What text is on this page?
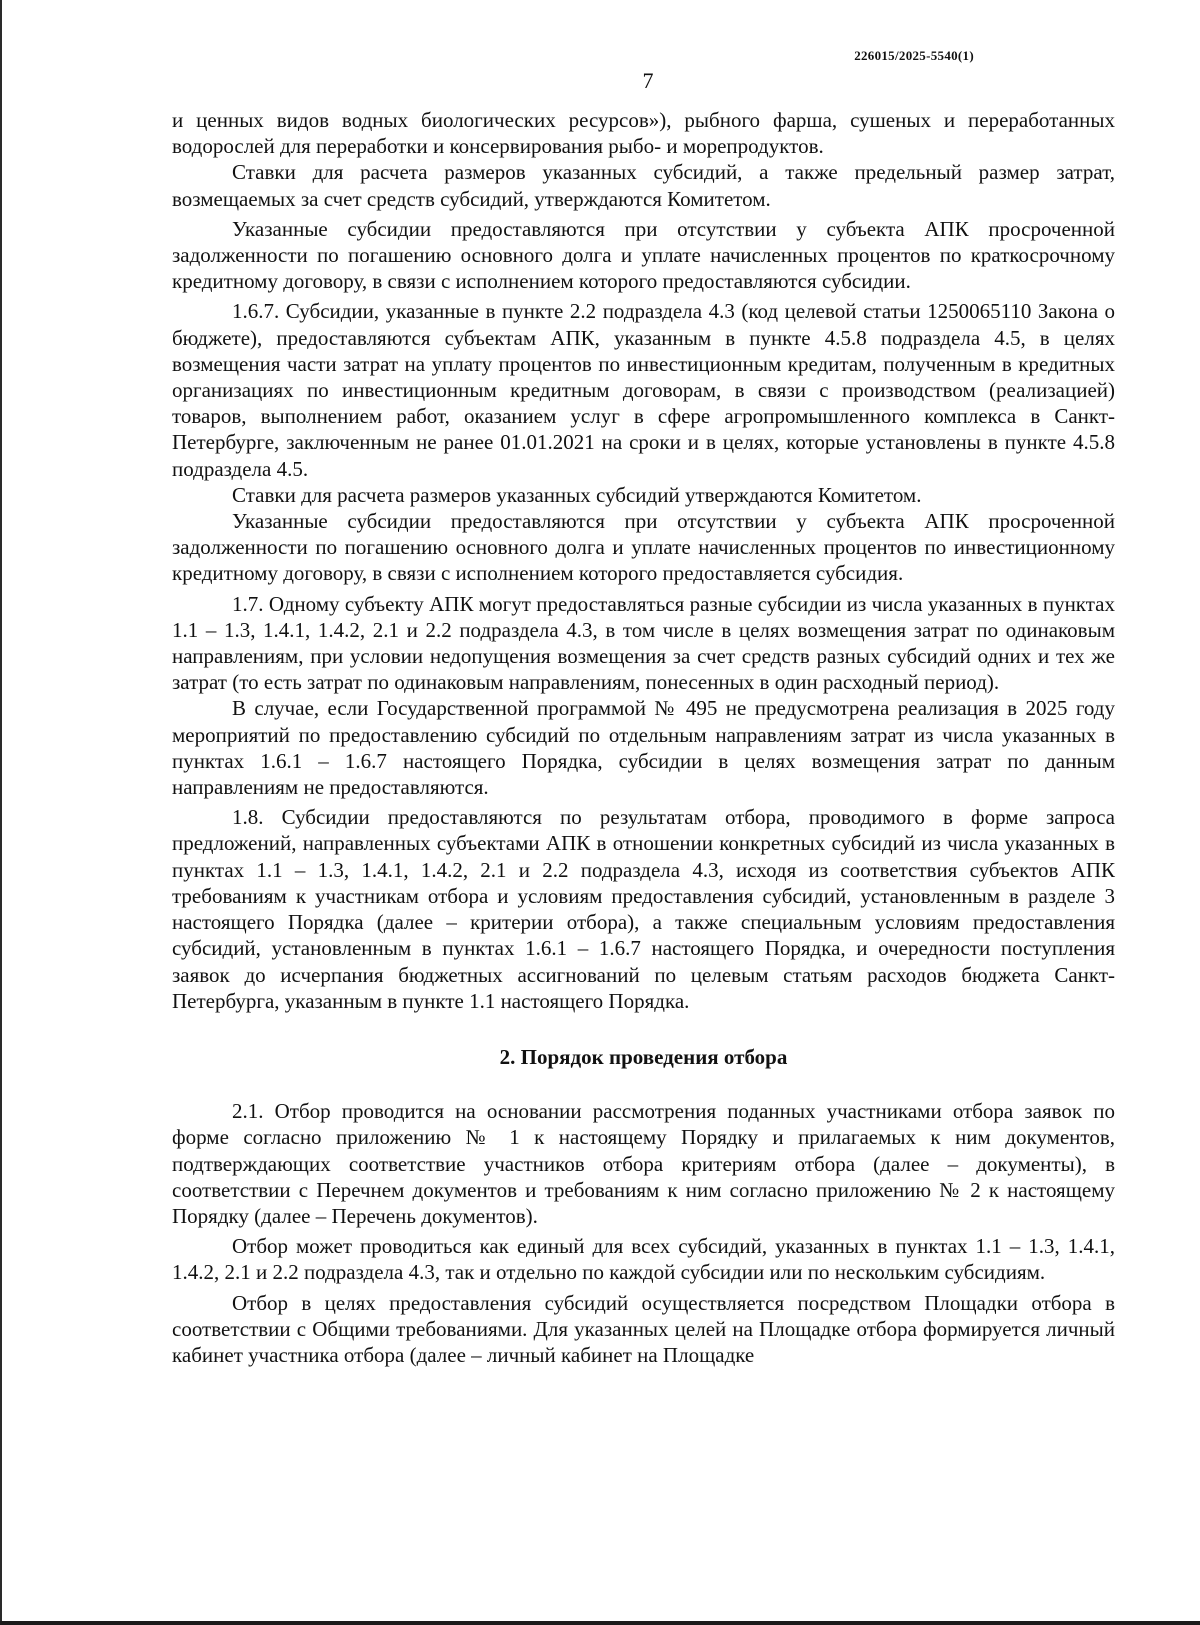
226015/2025-5540(1)
7

и ценных видов водных биологических ресурсов»), рыбного фарша, сушеных и переработанных водорослей для переработки и консервирования рыбо- и морепродуктов.

Ставки для расчета размеров указанных субсидий, а также предельный размер затрат, возмещаемых за счет средств субсидий, утверждаются Комитетом.

Указанные субсидии предоставляются при отсутствии у субъекта АПК просроченной задолженности по погашению основного долга и уплате начисленных процентов по краткосрочному кредитному договору, в связи с исполнением которого предоставляются субсидии.

1.6.7. Субсидии, указанные в пункте 2.2 подраздела 4.3 (код целевой статьи 1250065110 Закона о бюджете), предоставляются субъектам АПК, указанным в пункте 4.5.8 подраздела 4.5, в целях возмещения части затрат на уплату процентов по инвестиционным кредитам, полученным в кредитных организациях по инвестиционным кредитным договорам, в связи с производством (реализацией) товаров, выполнением работ, оказанием услуг в сфере агропромышленного комплекса в Санкт-Петербурге, заключенным не ранее 01.01.2021 на сроки и в целях, которые установлены в пункте 4.5.8 подраздела 4.5.

Ставки для расчета размеров указанных субсидий утверждаются Комитетом.

Указанные субсидии предоставляются при отсутствии у субъекта АПК просроченной задолженности по погашению основного долга и уплате начисленных процентов по инвестиционному кредитному договору, в связи с исполнением которого предоставляется субсидия.

1.7. Одному субъекту АПК могут предоставляться разные субсидии из числа указанных в пунктах 1.1 – 1.3, 1.4.1, 1.4.2, 2.1 и 2.2 подраздела 4.3, в том числе в целях возмещения затрат по одинаковым направлениям, при условии недопущения возмещения за счет средств разных субсидий одних и тех же затрат (то есть затрат по одинаковым направлениям, понесенных в один расходный период).

В случае, если Государственной программой № 495 не предусмотрена реализация в 2025 году мероприятий по предоставлению субсидий по отдельным направлениям затрат из числа указанных в пунктах 1.6.1 – 1.6.7 настоящего Порядка, субсидии в целях возмещения затрат по данным направлениям не предоставляются.

1.8. Субсидии предоставляются по результатам отбора, проводимого в форме запроса предложений, направленных субъектами АПК в отношении конкретных субсидий из числа указанных в пунктах 1.1 – 1.3, 1.4.1, 1.4.2, 2.1 и 2.2 подраздела 4.3, исходя из соответствия субъектов АПК требованиям к участникам отбора и условиям предоставления субсидий, установленным в разделе 3 настоящего Порядка (далее – критерии отбора), а также специальным условиям предоставления субсидий, установленным в пунктах 1.6.1 – 1.6.7 настоящего Порядка, и очередности поступления заявок до исчерпания бюджетных ассигнований по целевым статьям расходов бюджета Санкт-Петербурга, указанным в пункте 1.1 настоящего Порядка.

2. Порядок проведения отбора

2.1. Отбор проводится на основании рассмотрения поданных участниками отбора заявок по форме согласно приложению № 1 к настоящему Порядку и прилагаемых к ним документов, подтверждающих соответствие участников отбора критериям отбора (далее – документы), в соответствии с Перечнем документов и требованиям к ним согласно приложению № 2 к настоящему Порядку (далее – Перечень документов).

Отбор может проводиться как единый для всех субсидий, указанных в пунктах 1.1 – 1.3, 1.4.1, 1.4.2, 2.1 и 2.2 подраздела 4.3, так и отдельно по каждой субсидии или по нескольким субсидиям.

Отбор в целях предоставления субсидий осуществляется посредством Площадки отбора в соответствии с Общими требованиями. Для указанных целей на Площадке отбора формируется личный кабинет участника отбора (далее – личный кабинет на Площадке
